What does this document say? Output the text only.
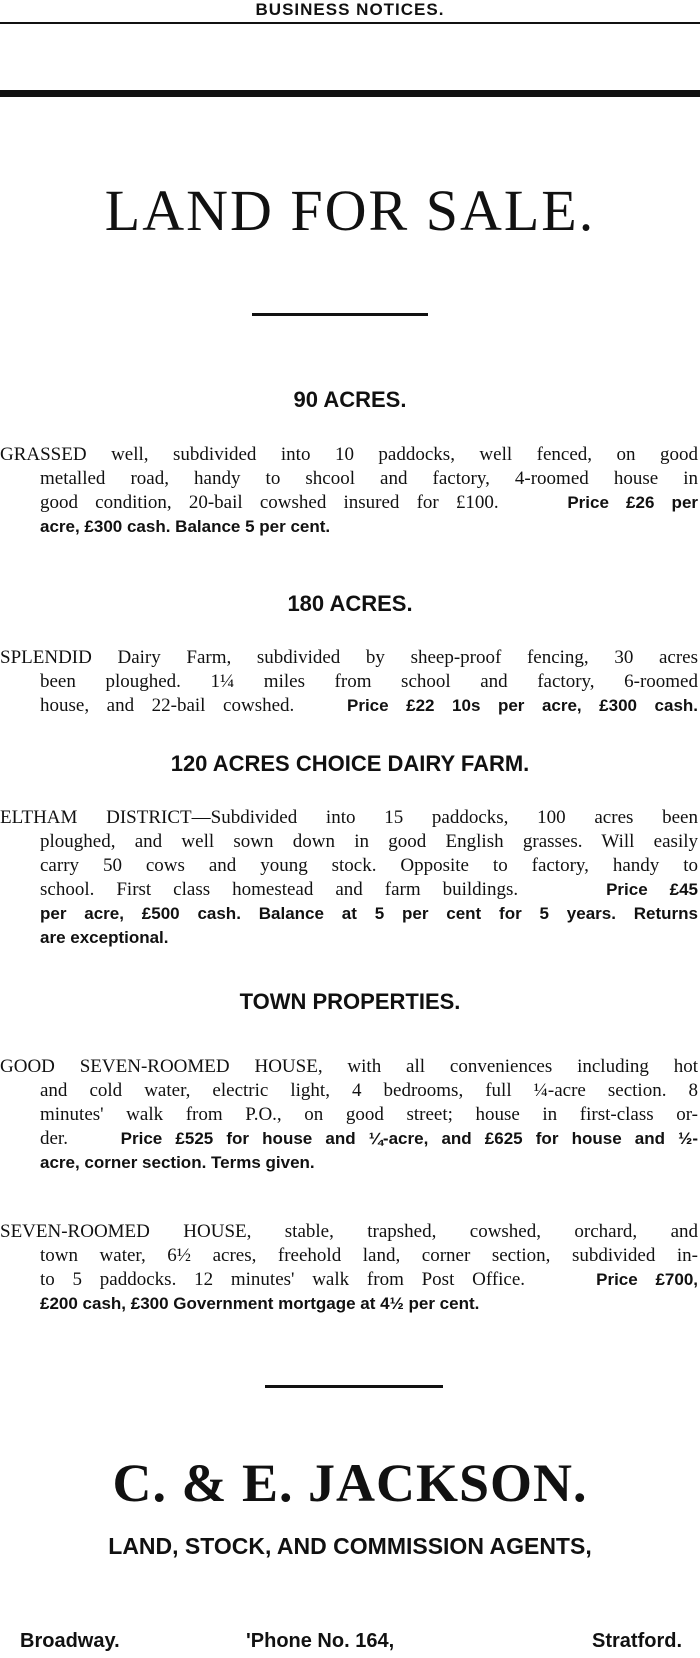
BUSINESS NOTICES.
LAND FOR SALE.
90 ACRES.
GRASSED well, subdivided into 10 paddocks, well fenced, on good
metalled road, handy to shcool and factory, 4-roomed house in
good condition, 20-bail cowshed insured for £100.	Price £26 per
acre, £300 cash. Balance 5 per cent.
180 ACRES.
SPLENDID Dairy Farm, subdivided by sheep-proof fencing, 30 acres
been ploughed. 1¼ miles from school and factory, 6-roomed
house, and 22-bail cowshed.	Price £22 10s per acre, £300 cash.
120 ACRES CHOICE DAIRY FARM.
ELTHAM DISTRICT—Subdivided into 15 paddocks, 100 acres been
ploughed, and well sown down in good English grasses. Will easily
carry 50 cows and young stock. Opposite to factory, handy to
school. First class homestead and farm buildings.	Price £45
per acre, £500 cash. Balance at 5 per cent for 5 years. Returns
are exceptional.
TOWN PROPERTIES.
GOOD SEVEN-ROOMED HOUSE, with all conveniences including hot
and cold water, electric light, 4 bedrooms, full ¼-acre section. 8
minutes' walk from P.O., on good street; house in first-class or-
der.	Price £525 for house and ¼-acre, and £625 for house and ½-
acre, corner section. Terms given.
SEVEN-ROOMED HOUSE, stable, trapshed, cowshed, orchard, and
town water, 6½ acres, freehold land, corner section, subdivided in-
to 5 paddocks. 12 minutes' walk from Post Office.	Price £700,
£200 cash, £300 Government mortgage at 4½ per cent.
C. & E. JACKSON.
LAND, STOCK, AND COMMISSION AGENTS,
Broadway.	'Phone No. 164,	Stratford.
